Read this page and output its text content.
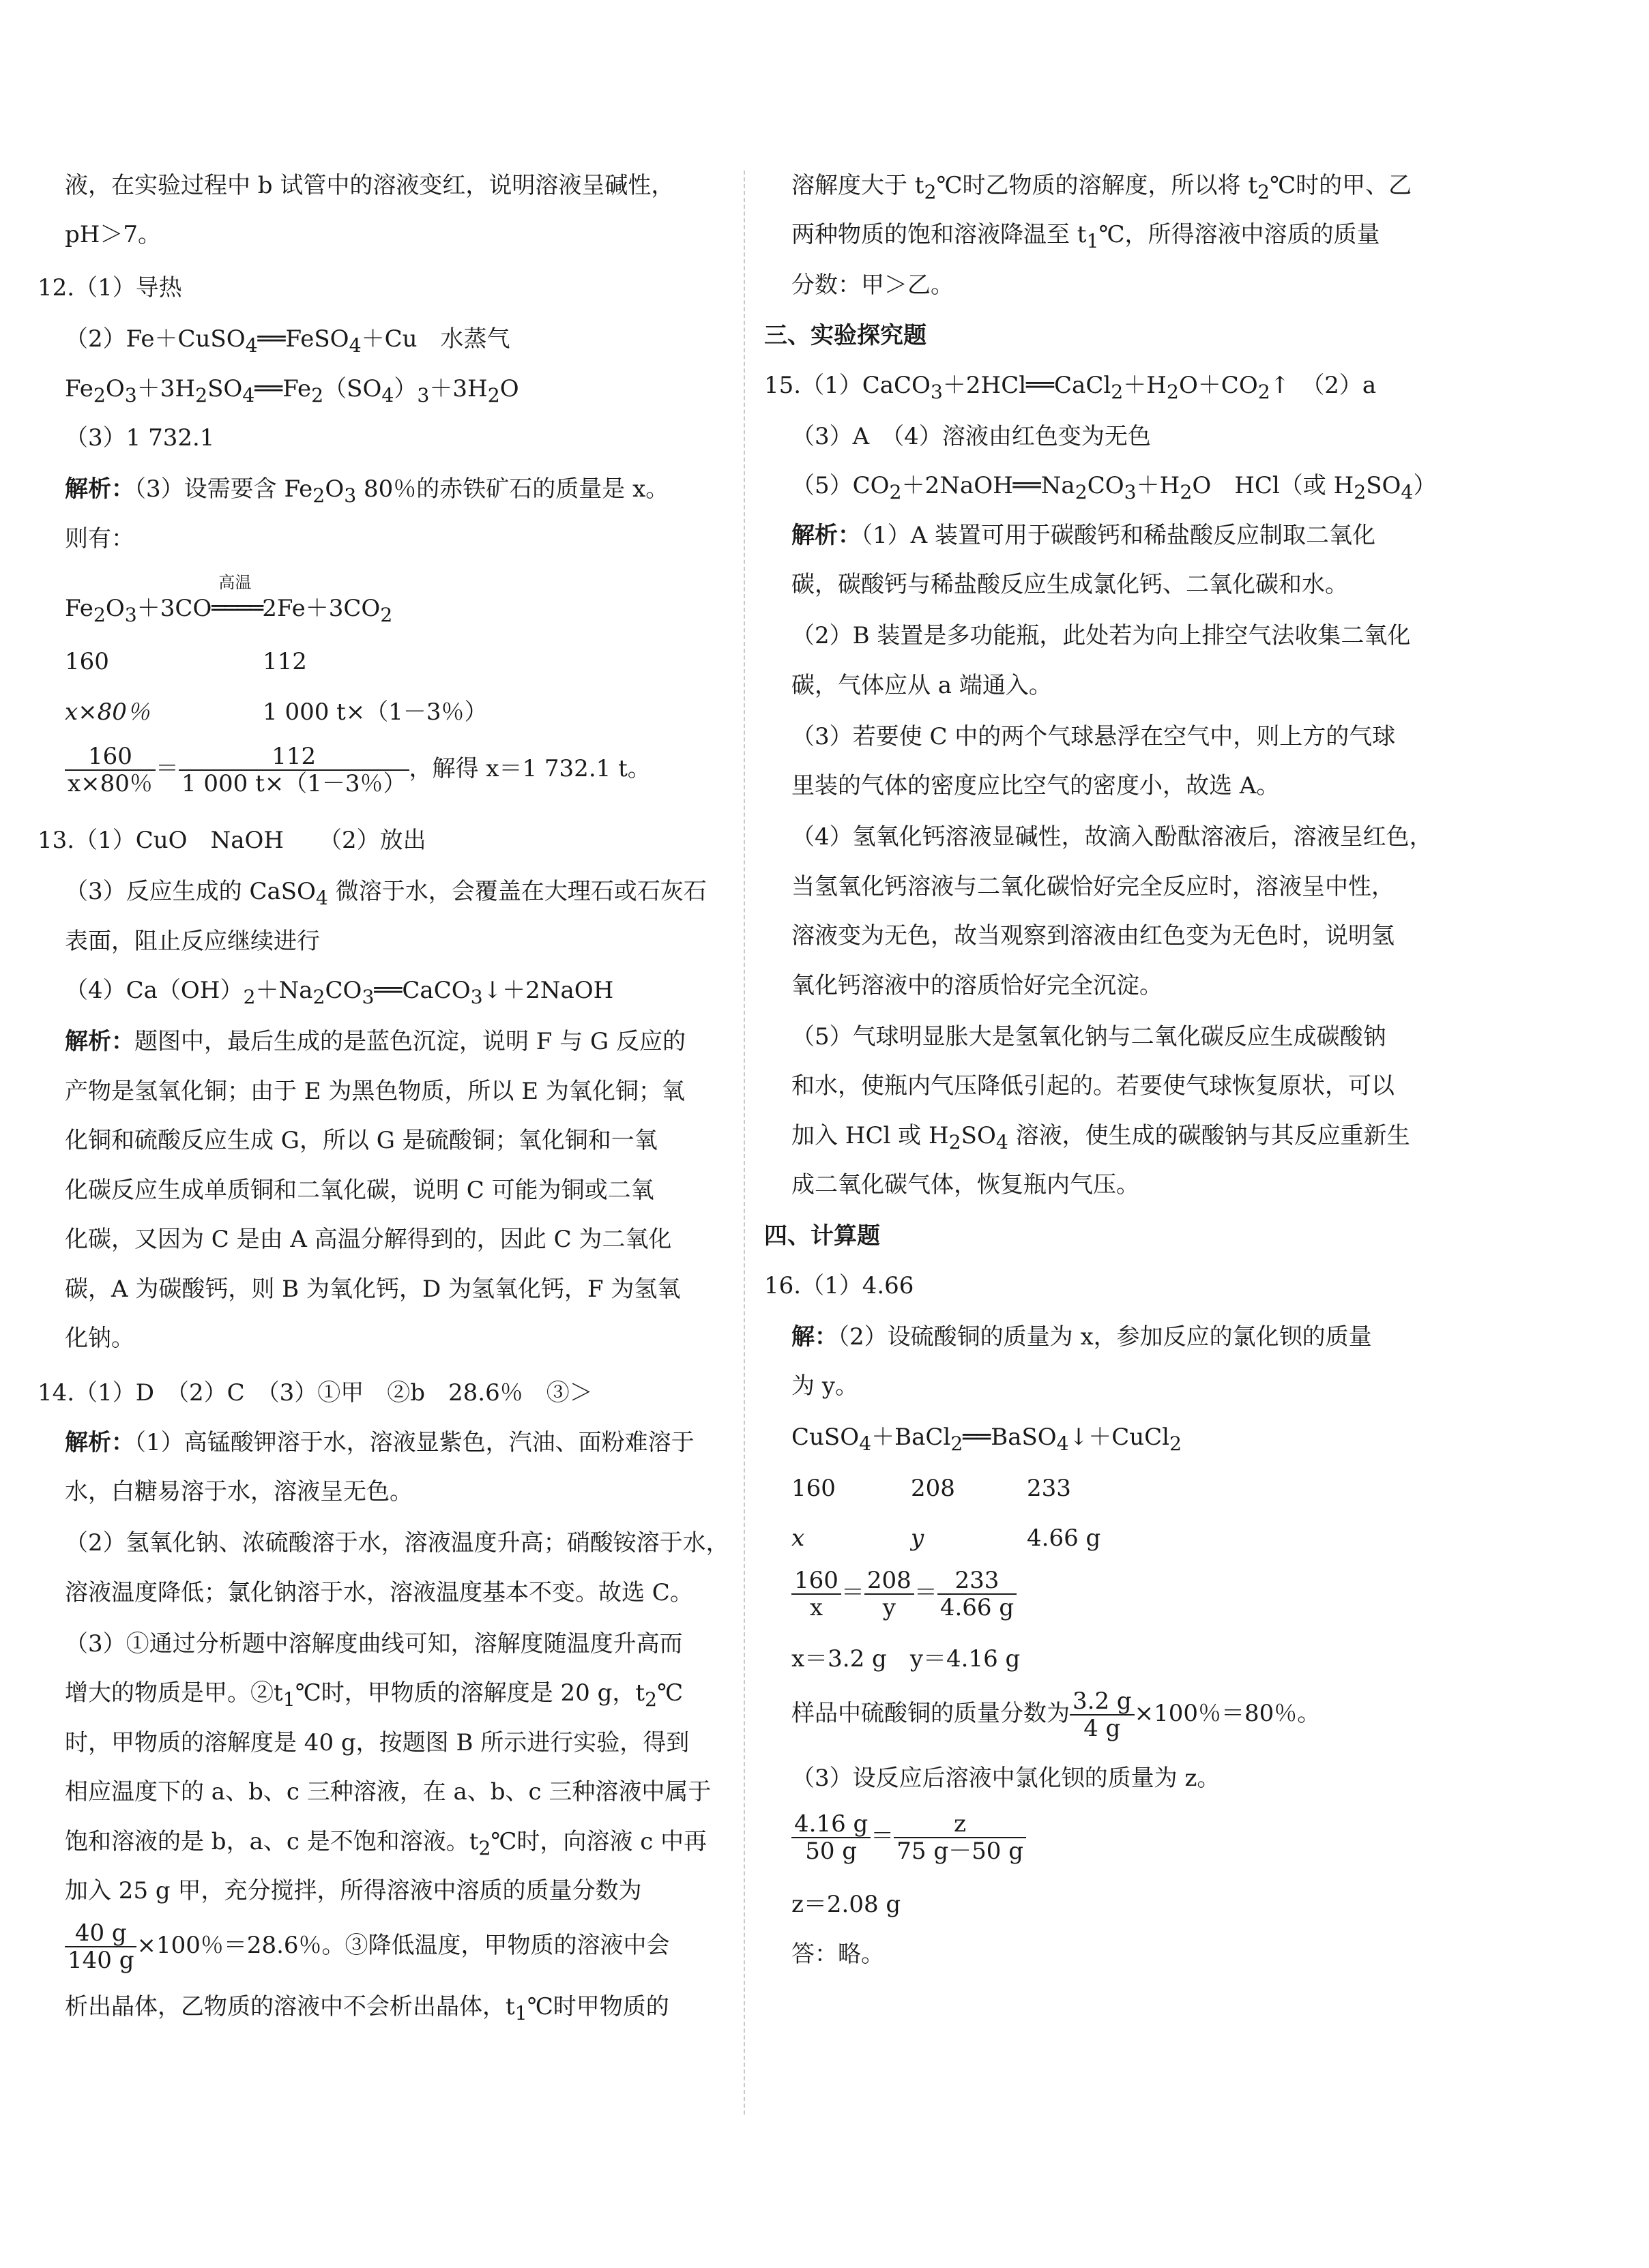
液，在实验过程中 b 试管中的溶液变红，说明溶液呈碱性，
pH＞7。
12.（1）导热
（2）Fe＋CuSO$_4$══FeSO$_4$＋Cu　水蒸气
$Fe_2O_3+3H_2SO_4══Fe_2(SO_4)_3+3H_2O$
（3）1 732.1
解析：（3）设需要含 $Fe_2O_3$ 80％的赤铁矿石的质量是 x。
则有：
$Fe_2O_3+3CO$
高温
$════2Fe+3CO_2$
160	112
x×80％	1 000 t×（1－3％）
$\frac{160}{x\times 80\%} = \frac{112}{1 000 t\times(1-3\%)}$ ，解得 x＝1 732.1 t。
13.（1）CuO　NaOH　　（2）放出
（3）反应生成的 CaSO$_4$ 微溶于水，会覆盖在大理石或石灰石
表面，阻止反应继续进行
$(4)Ca(OH)_2+Na_2CO_3══CaCO_3↓+2NaOH$
解析：题图中，最后生成的是蓝色沉淀，说明 F 与 G 反应的
产物是氢氧化铜；由于 E 为黑色物质，所以 E 为氧化铜；氧
化铜和硫酸反应生成 G，所以 G 是硫酸铜；氧化铜和一氧
化碳反应生成单质铜和二氧化碳，说明 C 可能为铜或二氧
化碳，又因为 C 是由 A 高温分解得到的，因此 C 为二氧化
碳，A 为碳酸钙，则 B 为氧化钙，D 为氢氧化钙，F 为氢氧
化钠。
14.（1）D　（2）C　（3）①甲　②b　28.6％　③＞
解析：（1）高锰酸钾溶于水，溶液显紫色，汽油、面粉难溶于
水，白糖易溶于水，溶液呈无色。
（2）氢氧化钠、浓硫酸溶于水，溶液温度升高；硝酸铵溶于水，
溶液温度降低；氯化钠溶于水，溶液温度基本不变。故选 C。
（3）①通过分析题中溶解度曲线可知，溶解度随温度升高而
增大的物质是甲。$②t_1℃$时，甲物质的溶解度是 20 g，$t_2℃$
时，甲物质的溶解度是 40 g，按题图 B 所示进行实验，得到
相应温度下的 a、b、c 三种溶液，在 a、b、c 三种溶液中属于
饱和溶液的是 b，a、c 是不饱和溶液。$t_2℃$时，向溶液 c 中再
加入 25 g 甲，充分搅拌，所得溶液中溶质的质量分数为
$\frac{40 g}{140 g} \times 100$％＝28.6％。③降低温度，甲物质的溶液中会
析出晶体，乙物质的溶液中不会析出晶体，$t_1℃$时甲物质的
溶解度大于 $t_2℃$时乙物质的溶解度，所以将 $t_2℃$时的甲、乙
两种物质的饱和溶液降温至 $t_1℃$，所得溶液中溶质的质量
分数：甲＞乙。
三、实验探究题
$15.(1)CaCO_3+2HCl══CaCl_2+H_2O+CO_2↑$　（2）a
（3）A　（4）溶液由红色变为无色
$(5)CO_2+2NaOH══Na_2CO_3+H_2O$　HCl（或 $H_2SO_4$）
解析：（1）A 装置可用于碳酸钙和稀盐酸反应制取二氧化
碳，碳酸钙与稀盐酸反应生成氯化钙、二氧化碳和水。
（2）B 装置是多功能瓶，此处若为向上排空气法收集二氧化
碳，气体应从 a 端通入。
（3）若要使 C 中的两个气球悬浮在空气中，则上方的气球
里装的气体的密度应比空气的密度小，故选 A。
（4）氢氧化钙溶液显碱性，故滴入酚酞溶液后，溶液呈红色，
当氢氧化钙溶液与二氧化碳恰好完全反应时，溶液呈中性，
溶液变为无色，故当观察到溶液由红色变为无色时，说明氢
氧化钙溶液中的溶质恰好完全沉淀。
（5）气球明显胀大是氢氧化钠与二氧化碳反应生成碳酸钠
和水，使瓶内气压降低引起的。若要使气球恢复原状，可以
加入 HCl 或 $H_2SO_4$ 溶液，使生成的碳酸钠与其反应重新生
成二氧化碳气体，恢复瓶内气压。
四、计算题
16.（1）4.66
解：（2）设硫酸铜的质量为 x，参加反应的氯化钡的质量
为 y。
CuSO$_4$＋BaCl$_2$══BaSO$_4$↓＋CuCl$_2$
160	208	233
x	y	4.66 g
$\frac{160}{x} = \frac{208}{y} = \frac{233}{4.66 g}$
x＝3.2 g　y＝4.16 g
样品中硫酸铜的质量分数为 $\frac{3.2 g}{4 g} \times 100$％＝80％。
（3）设反应后溶液中氯化钡的质量为 z。
$\frac{4.16 g}{50 g} = \frac{z}{75 g-50 g}$
z＝2.08 g
答：略。
